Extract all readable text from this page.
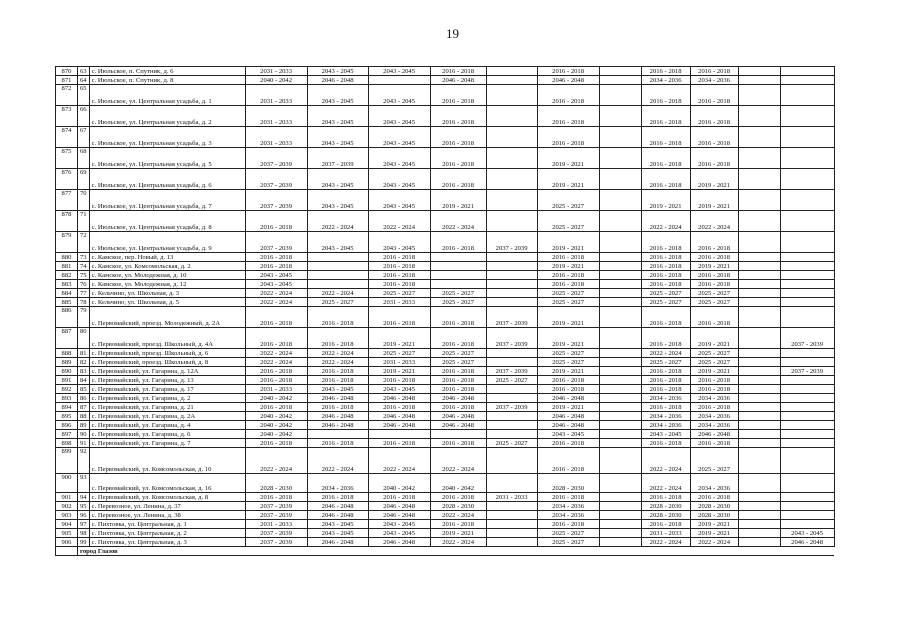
19
870	63	с. Июльское, п. Спутник, д. 6	2031 - 2033	2043 - 2045	2043 - 2045	2016 - 2018		2016 - 2018		2016 - 2018	2016 - 2018		
871	64	с. Июльское, п. Спутник, д. 8	2040 - 2042	2046 - 2048		2046 - 2048		2046 - 2048		2034 - 2036	2034 - 2036		
872	65	с. Июльское, ул. Центральная усадьба, д. 1	2031 - 2033	2043 - 2045	2043 - 2045	2016 - 2018		2016 - 2018		2016 - 2018	2016 - 2018		
873	66	с. Июльское, ул. Центральная усадьба, д. 2	2031 - 2033	2043 - 2045	2043 - 2045	2016 - 2018		2016 - 2018		2016 - 2018	2016 - 2018		
874	67	с. Июльское, ул. Центральная усадьба, д. 3	2031 - 2033	2043 - 2045	2043 - 2045	2016 - 2018		2016 - 2018		2016 - 2018	2016 - 2018		
875	68	с. Июльское, ул. Центральная усадьба, д. 5	2037 - 2039	2037 - 2039	2043 - 2045	2016 - 2018		2019 - 2021		2016 - 2018	2016 - 2018		
876	69	с. Июльское, ул. Центральная усадьба, д. 6	2037 - 2039	2043 - 2045	2043 - 2045	2016 - 2018		2019 - 2021		2016 - 2018	2019 - 2021		
877	70	с. Июльское, ул. Центральная усадьба, д. 7	2037 - 2039	2043 - 2045	2043 - 2045	2019 - 2021		2025 - 2027		2019 - 2021	2019 - 2021		
878	71	с. Июльское, ул. Центральная усадьба, д. 8	2016 - 2018	2022 - 2024	2022 - 2024	2022 - 2024		2025 - 2027		2022 - 2024	2022 - 2024		
879	72	с. Июльское, ул. Центральная усадьба, д. 9	2037 - 2039	2043 - 2045	2043 - 2045	2016 - 2018	2037 - 2039	2019 - 2021		2016 - 2018	2016 - 2018		
880	73	с. Камское, пер. Новый, д. 13	2016 - 2018		2016 - 2018			2016 - 2018		2016 - 2018	2016 - 2018		
881	74	с. Камское, ул. Комсомольская, д. 2	2016 - 2018		2016 - 2018			2019 - 2021		2016 - 2018	2019 - 2021		
882	75	с. Камское, ул. Молодежная, д. 10	2043 - 2045		2016 - 2018			2016 - 2018		2016 - 2018	2016 - 2018		
883	76	с. Камское, ул. Молодежная, д. 12	2043 - 2045		2016 - 2018			2016 - 2018		2016 - 2018	2016 - 2018		
884	77	с. Кельчино, ул. Школьная, д. 3	2022 - 2024	2022 - 2024	2025 - 2027	2025 - 2027		2025 - 2027		2025 - 2027	2025 - 2027		
885	78	с. Кельчино, ул. Школьная, д. 5	2022 - 2024	2025 - 2027	2031 - 2033	2025 - 2027		2025 - 2027		2025 - 2027	2025 - 2027		
886	79	с. Первомайский, проезд. Молодежный, д. 2А	2016 - 2018	2016 - 2018	2016 - 2018	2016 - 2018	2037 - 2039	2019 - 2021		2016 - 2018	2016 - 2018		
887	80	с. Первомайский, проезд. Школьный, д. 4А	2016 - 2018	2016 - 2018	2019 - 2021	2016 - 2018	2037 - 2039	2019 - 2021		2016 - 2018	2019 - 2021		2037 - 2039
888	81	с. Первомайский, проезд. Школьный, д. 6	2022 - 2024	2022 - 2024	2025 - 2027	2025 - 2027		2025 - 2027		2022 - 2024	2025 - 2027		
889	82	с. Первомайский, проезд. Школьный, д. 8	2022 - 2024	2022 - 2024	2031 - 2033	2025 - 2027		2025 - 2027		2025 - 2027	2025 - 2027		
890	83	с. Первомайский, ул. Гагарина, д. 12А	2016 - 2018	2016 - 2018	2019 - 2021	2016 - 2018	2037 - 2039	2019 - 2021		2016 - 2018	2019 - 2021		2037 - 2039
891	84	с. Первомайский, ул. Гагарина, д. 13	2016 - 2018	2016 - 2018	2016 - 2018	2016 - 2018	2025 - 2027	2016 - 2018		2016 - 2018	2016 - 2018		
892	85	с. Первомайский, ул. Гагарина, д. 17	2031 - 2033	2043 - 2045	2043 - 2045	2016 - 2018		2016 - 2018		2016 - 2018	2016 - 2018		
893	86	с. Первомайский, ул. Гагарина, д. 2	2040 - 2042	2046 - 2048	2046 - 2048	2046 - 2048		2046 - 2048		2034 - 2036	2034 - 2036		
894	87	с. Первомайский, ул. Гагарина, д. 21	2016 - 2018	2016 - 2018	2016 - 2018	2016 - 2018	2037 - 2039	2019 - 2021		2016 - 2018	2016 - 2018		
895	88	с. Первомайский, ул. Гагарина, д. 2А	2040 - 2042	2046 - 2048	2046 - 2048	2046 - 2048		2046 - 2048		2034 - 2036	2034 - 2036		
896	89	с. Первомайский, ул. Гагарина, д. 4	2040 - 2042	2046 - 2048	2046 - 2048	2046 - 2048		2046 - 2048		2034 - 2036	2034 - 2036		
897	90	с. Первомайский, ул. Гагарина, д. 6	2040 - 2042					2043 - 2045		2043 - 2045	2046 - 2048		
898	91	с. Первомайский, ул. Гагарина, д. 7	2016 - 2018	2016 - 2018	2016 - 2018	2016 - 2018	2025 - 2027	2016 - 2018		2016 - 2018	2016 - 2018		
899	92	с. Первомайский, ул. Комсомольская, д. 10	2022 - 2024	2022 - 2024	2022 - 2024	2022 - 2024		2016 - 2018		2022 - 2024	2025 - 2027		
900	93	с. Первомайский, ул. Комсомольская, д. 16	2028 - 2030	2034 - 2036	2040 - 2042	2040 - 2042		2028 - 2030		2022 - 2024	2034 - 2036		
901	94	с. Первомайский, ул. Комсомольская, д. 8	2016 - 2018	2016 - 2018	2016 - 2018	2016 - 2018	2031 - 2033	2016 - 2018		2016 - 2018	2016 - 2018		
902	95	с. Перевозное, ул. Ленина, д. 37	2037 - 2039	2046 - 2048	2046 - 2048	2028 - 2030		2034 - 2036		2028 - 2030	2028 - 2030		
903	96	с. Перевозное, ул. Ленина, д. 38	2037 - 2039	2046 - 2048	2046 - 2048	2022 - 2024		2034 - 2036		2028 - 2030	2028 - 2030		
904	97	с. Пихтовка, ул. Центральная, д. 1	2031 - 2033	2043 - 2045	2043 - 2045	2016 - 2018		2016 - 2018		2016 - 2018	2019 - 2021		
905	98	с. Пихтовка, ул. Центральная, д. 2	2037 - 2039	2043 - 2045	2043 - 2045	2019 - 2021		2025 - 2027		2031 - 2033	2019 - 2021		2043 - 2045
906	99	с. Пихтовка, ул. Центральная, д. 3	2037 - 2039	2046 - 2048	2046 - 2048	2022 - 2024		2025 - 2027		2022 - 2024	2022 - 2024		2046 - 2048
	город Глазов												
